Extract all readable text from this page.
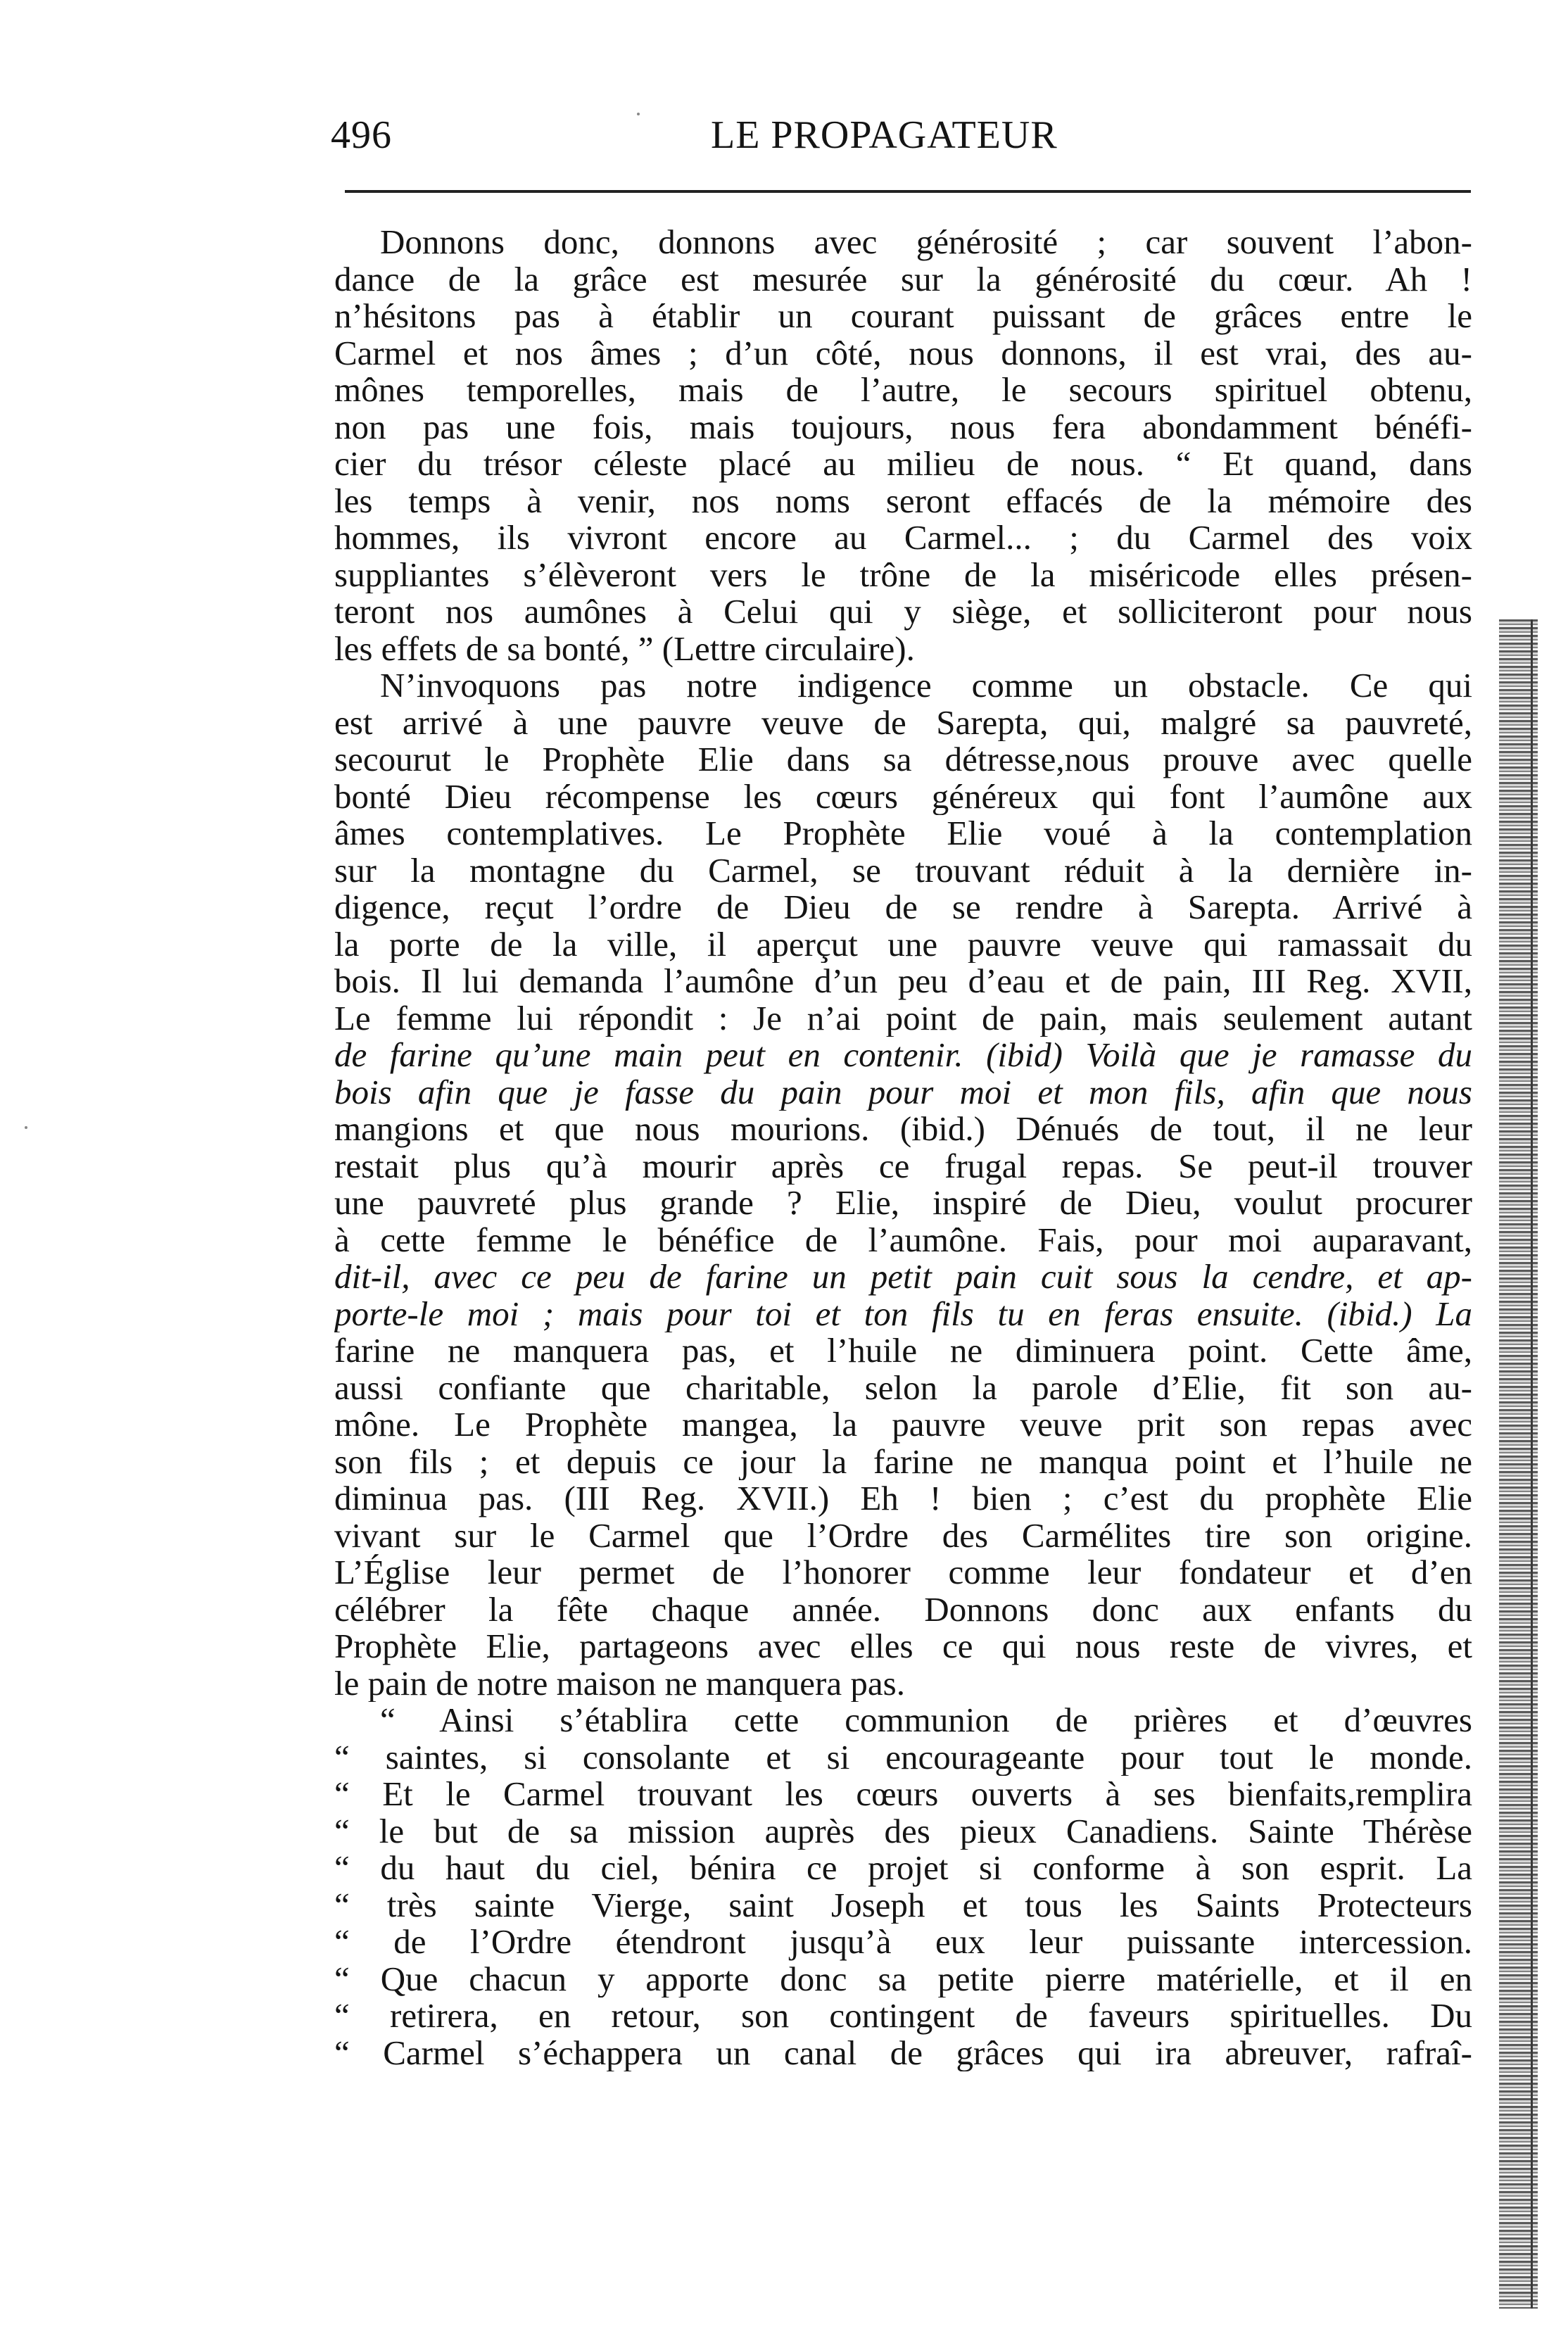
496	LE PROPAGATEUR
Donnons donc, donnons avec générosité ; car souvent l’abon-
dance de la grâce est mesurée sur la générosité du cœur. Ah !
n’hésitons pas à établir un courant puissant de grâces entre le
Carmel et nos âmes ; d’un côté, nous donnons, il est vrai, des au-
mônes temporelles, mais de l’autre, le secours spirituel obtenu,
non pas une fois, mais toujours, nous fera abondamment bénéfi-
cier du trésor céleste placé au milieu de nous. “ Et quand, dans
les temps à venir, nos noms seront effacés de la mémoire des
hommes, ils vivront encore au Carmel... ; du Carmel des voix
suppliantes s’élèveront vers le trône de la miséricode elles présen-
teront nos aumônes à Celui qui y siège, et solliciteront pour nous
les effets de sa bonté, ” (Lettre circulaire).
N’invoquons pas notre indigence comme un obstacle. Ce qui
est arrivé à une pauvre veuve de Sarepta, qui, malgré sa pauvreté,
secourut le Prophète Elie dans sa détresse,nous prouve avec quelle
bonté Dieu récompense les cœurs généreux qui font l’aumône aux
âmes contemplatives. Le Prophète Elie voué à la contemplation
sur la montagne du Carmel, se trouvant réduit à la dernière in-
digence, reçut l’ordre de Dieu de se rendre à Sarepta. Arrivé à
la porte de la ville, il aperçut une pauvre veuve qui ramassait du
bois. Il lui demanda l’aumône d’un peu d’eau et de pain, III Reg. XVII,
Le femme lui répondit : Je n’ai point de pain, mais seulement autant
de farine qu’une main peut en contenir. (ibid) Voilà que je ramasse du
bois afin que je fasse du pain pour moi et mon fils, afin que nous
mangions et que nous mourions. (ibid.) Dénués de tout, il ne leur
restait plus qu’à mourir après ce frugal repas. Se peut-il trouver
une pauvreté plus grande ? Elie, inspiré de Dieu, voulut procurer
à cette femme le bénéfice de l’aumône. Fais, pour moi auparavant,
dit-il, avec ce peu de farine un petit pain cuit sous la cendre, et ap-
porte-le moi ; mais pour toi et ton fils tu en feras ensuite. (ibid.) La
farine ne manquera pas, et l’huile ne diminuera point. Cette âme,
aussi confiante que charitable, selon la parole d’Elie, fit son au-
mône. Le Prophète mangea, la pauvre veuve prit son repas avec
son fils ; et depuis ce jour la farine ne manqua point et l’huile ne
diminua pas. (III Reg. XVII.) Eh ! bien ; c’est du prophète Elie
vivant sur le Carmel que l’Ordre des Carmélites tire son origine.
L’Église leur permet de l’honorer comme leur fondateur et d’en
célébrer la fête chaque année. Donnons donc aux enfants du
Prophète Elie, partageons avec elles ce qui nous reste de vivres, et
le pain de notre maison ne manquera pas.
“ Ainsi s’établira cette communion de prières et d’œuvres
“ saintes, si consolante et si encourageante pour tout le monde.
“ Et le Carmel trouvant les cœurs ouverts à ses bienfaits,remplira
“ le but de sa mission auprès des pieux Canadiens. Sainte Thérèse
“ du haut du ciel, bénira ce projet si conforme à son esprit. La
“ très sainte Vierge, saint Joseph et tous les Saints Protecteurs
“ de l’Ordre étendront jusqu’à eux leur puissante intercession.
“ Que chacun y apporte donc sa petite pierre matérielle, et il en
“ retirera, en retour, son contingent de faveurs spirituelles. Du
“ Carmel s’échappera un canal de grâces qui ira abreuver, rafraî-
